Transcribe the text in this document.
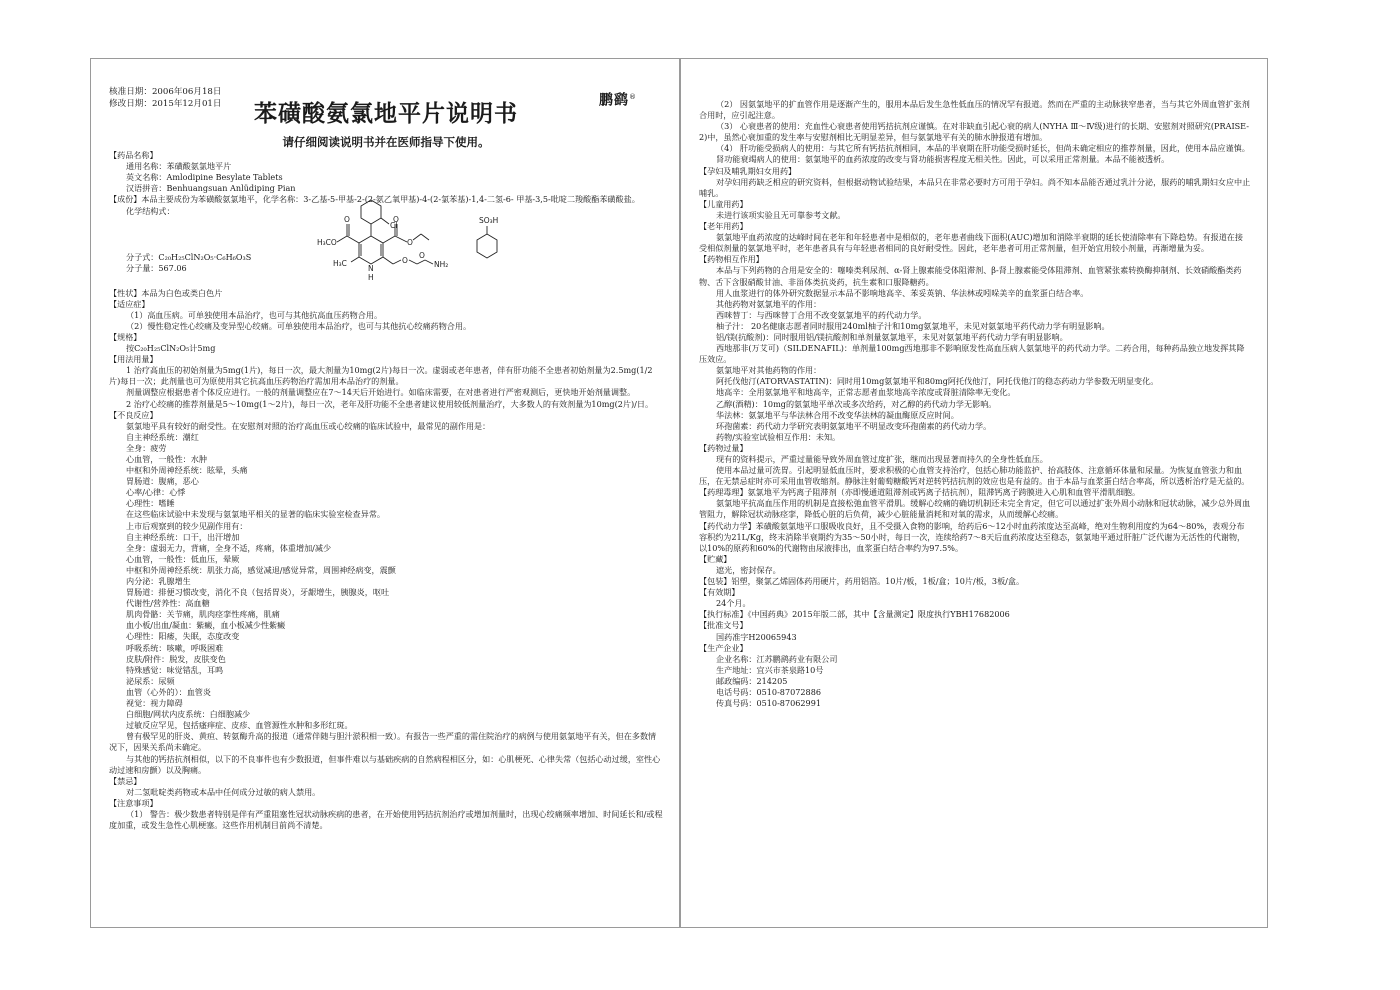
核准日期：2006年06月18日
修改日期：2015年12月01日	鹏鹞®
苯磺酸氨氯地平片说明书
请仔细阅读说明书并在医师指导下使用。
【药品名称】
通用名称：苯磺酸氨氯地平片
英文名称：Amlodipine Besylate Tablets
汉语拼音：Benhuangsuan Anlüdiping Pian
【成份】本品主要成份为苯磺酸氨氯地平，化学名称：3-乙基-5-甲基-2-(2-氨乙氧甲基)-4-(2-氯苯基)-1,4-二氢-6- 甲基-3,5-吡啶二羧酸酯苯磺酸盐。
化学结构式：
分子式：C₂₀H₂₅ClN₂O₅·C₆H₆O₃S
分子量：567.06
Cl
SO₃H
H₃CO
H₃C
O	O
O
O
O
N
H
NH₂
【性状】本品为白色或类白色片
【适应症】
（1）高血压病。可单独使用本品治疗，也可与其他抗高血压药物合用。
（2）慢性稳定性心绞痛及变异型心绞痛。可单独使用本品治疗，也可与其他抗心绞痛药物合用。
【规格】
按C₂₀H₂₅ClN₂O₅计5mg
【用法用量】
1 治疗高血压的初始剂量为5mg(1片)，每日一次，最大剂量为10mg(2片)每日一次。虚弱或老年患者，伴有肝功能不全患者初始剂量为2.5mg(1/2片)每日一次；此剂量也可为原使用其它抗高血压药物治疗需加用本品治疗的剂量。
剂量调整应根据患者个体反应进行。一般的剂量调整应在7～14天后开始进行。如临床需要，在对患者进行严密观测后，更快地开始剂量调整。
2 治疗心绞痛的推荐剂量是5～10mg(1～2片)，每日一次，老年及肝功能不全患者建议使用较低剂量治疗，大多数人的有效剂量为10mg(2片)/日。
【不良反应】
氨氯地平具有较好的耐受性。在安慰剂对照的治疗高血压或心绞痛的临床试验中，最常见的副作用是：
自主神经系统：潮红
全身：疲劳
心血管，一般性：水肿
中枢和外周神经系统：眩晕，头痛
胃肠道：腹痛，恶心
心率/心律：心悸
心理性：嗜睡
在这些临床试验中未发现与氨氯地平相关的显著的临床实验室检查异常。
上市后观察到的较少见副作用有：
自主神经系统：口干，出汗增加
全身：虚弱无力，背痛，全身不适，疼痛，体重增加/减少
心血管，一般性：低血压，晕厥
中枢和外周神经系统：肌张力高，感觉减退/感觉异常，周围神经病变，震颤
内分泌：乳腺增生
胃肠道：排便习惯改变，消化不良（包括胃炎），牙龈增生，胰腺炎，呕吐
代谢性/营养性：高血糖
肌肉骨骼：关节痛，肌肉痉挛性疼痛，肌痛
血小板/出血/凝血：紫癜，血小板减少性紫癜
心理性：阳痿，失眠，态度改变
呼吸系统：咳嗽，呼吸困难
皮肤/附件：脱发，皮肤变色
特殊感觉：味觉错乱，耳鸣
泌尿系：尿频
血管（心外的）：血管炎
视觉：视力障碍
白细胞/网状内皮系统：白细胞减少
过敏反应罕见，包括瘙痒症、皮疹、血管源性水肿和多形红斑。
曾有极罕见的肝炎、黄疸、转氨酶升高的报道（通常伴随与胆汁淤积相一致）。有报告一些严重的需住院治疗的病例与使用氨氯地平有关，但在多数情况下，因果关系尚未确定。
与其他的钙拮抗剂相似，以下的不良事件也有少数报道，但事件难以与基础疾病的自然病程相区分，如：心肌梗死、心律失常（包括心动过缓，室性心动过速和房颤）以及胸痛。
【禁忌】
对二氢吡啶类药物或本品中任何成分过敏的病人禁用。
【注意事项】
（1） 警告：极少数患者特别是伴有严重阻塞性冠状动脉疾病的患者，在开始使用钙拮抗剂治疗或增加剂量时，出现心绞痛频率增加、时间延长和/或程度加重，或发生急性心肌梗塞。这些作用机制目前尚不清楚。
（2） 因氨氯地平的扩血管作用是逐渐产生的，服用本品后发生急性低血压的情况罕有报道。然而在严重的主动脉狭窄患者，当与其它外周血管扩张剂合用时，应引起注意。
（3） 心衰患者的使用：充血性心衰患者使用钙拮抗剂应谨慎。在对非缺血引起心衰的病人(NYHA Ⅲ～Ⅳ级)进行的长期、安慰剂对照研究(PRAISE-2)中，虽然心衰加重的发生率与安慰剂相比无明显差异，但与氨氯地平有关的肺水肿报道有增加。
（4） 肝功能受损病人的使用：与其它所有钙拮抗剂相同，本品的半衰期在肝功能受损时延长，但尚未确定相应的推荐剂量，因此，使用本品应谨慎。
肾功能衰竭病人的使用：氨氯地平的血药浓度的改变与肾功能损害程度无相关性。因此，可以采用正常剂量。本品不能被透析。
【孕妇及哺乳期妇女用药】
对孕妇用药缺乏相应的研究资料，但根据动物试验结果，本品只在非常必要时方可用于孕妇。尚不知本品能否通过乳汁分泌，服药的哺乳期妇女应中止哺乳。
【儿童用药】
未进行该项实验且无可靠参考文献。
【老年用药】
氨氯地平血药浓度的达峰时间在老年和年轻患者中是相似的，老年患者曲线下面积(AUC)增加和消除半衰期的延长使清除率有下降趋势。有报道在接受相似剂量的氨氯地平时，老年患者具有与年轻患者相同的良好耐受性。因此，老年患者可用正常剂量，但开始宜用较小剂量，再渐增量为妥。
【药物相互作用】
本品与下列药物的合用是安全的：噻嗪类利尿剂、α-肾上腺素能受体阻滞剂、β-肾上腺素能受体阻滞剂、血管紧张素转换酶抑制剂、长效硝酸酯类药物、舌下含服硝酸甘油、非甾体类抗炎药，抗生素和口服降糖药。
用人血浆进行的体外研究数据显示本品不影响地高辛、苯妥英钠、华法林或吲哚美辛的血浆蛋白结合率。
其他药物对氨氯地平的作用：
西咪替丁：与西咪替丁合用不改变氨氯地平的药代动力学。
柚子汁： 20名健康志愿者同时服用240ml柚子汁和10mg氨氯地平，未见对氨氯地平药代动力学有明显影响。
铝/镁(抗酸剂)：同时服用铝/镁抗酸剂和单剂量氨氯地平，未见对氨氯地平药代动力学有明显影响。
西地那非(万艾可)（SILDENAFIL)：单剂量100mg西地那非不影响原发性高血压病人氨氯地平的药代动力学。二药合用，每种药品独立地发挥其降压效应。
氨氯地平对其他药物的作用：
阿托伐他汀(ATORVASTATIN)：同时用10mg氨氯地平和80mg阿托伐他汀，阿托伐他汀的稳态药动力学参数无明显变化。
地高辛：全用氨氯地平和地高辛，正常志愿者血浆地高辛浓度或肾脏清除率无变化。
乙醇(酒精)：10mg的氨氯地平单次或多次给药，对乙醇的药代动力学无影响。
华法林：氨氯地平与华法林合用不改变华法林的凝血酶原反应时间。
环孢菌素：药代动力学研究表明氨氯地平不明显改变环孢菌素的药代动力学。
药物/实验室试验相互作用：未知。
【药物过量】
现有的资料提示，严重过量能导致外周血管过度扩张，继而出现显著而持久的全身性低血压。
使用本品过量可洗胃。引起明显低血压时，要求积极的心血管支持治疗，包括心肺功能监护、抬高肢体、注意循环体量和尿量。为恢复血管张力和血压，在无禁忌症时亦可采用血管收缩剂。静脉注射葡萄糖酸钙对逆转钙拮抗剂的效应也是有益的。由于本品与血浆蛋白结合率高，所以透析治疗是无益的。
【药理毒理】氨氯地平为钙离子阻滞剂（亦即慢通道阻滞剂或钙离子拮抗剂），阻滞钙离子跨膜进入心肌和血管平滑肌细胞。
氨氯地平抗高血压作用的机制是直接松弛血管平滑肌。缓解心绞痛的确切机制还未完全肯定，但它可以通过扩张外周小动脉和冠状动脉，减少总外周血管阻力，解除冠状动脉痉挛，降低心脏的后负荷，减少心脏能量消耗和对氧的需求，从而缓解心绞痛。
【药代动力学】苯磺酸氨氯地平口服吸收良好，且不受摄入食物的影响，给药后6～12小时血药浓度达至高峰，绝对生物利用度约为64～80%，表观分布容积约为21L/Kg，终末消除半衰期约为35～50小时，每日一次，连续给药7～8天后血药浓度达至稳态，氨氯地平通过肝脏广泛代谢为无活性的代谢物，以10%的原药和60%的代谢物由尿液排出，血浆蛋白结合率约为97.5%。
【贮藏】
遮光，密封保存。
【包装】铝塑，聚氯乙烯固体药用硬片，药用铝箔。10片/板，1板/盒；10片/板，3板/盒。
【有效期】
24个月。
【执行标准】《中国药典》2015年版二部，其中【含量测定】限度执行YBH17682006
【批准文号】
国药准字H20065943
【生产企业】
企业名称：江苏鹏鹞药业有限公司
生产地址：宜兴市茶泉路10号
邮政编码：214205
电话号码：0510-87072886
传真号码：0510-87062991
